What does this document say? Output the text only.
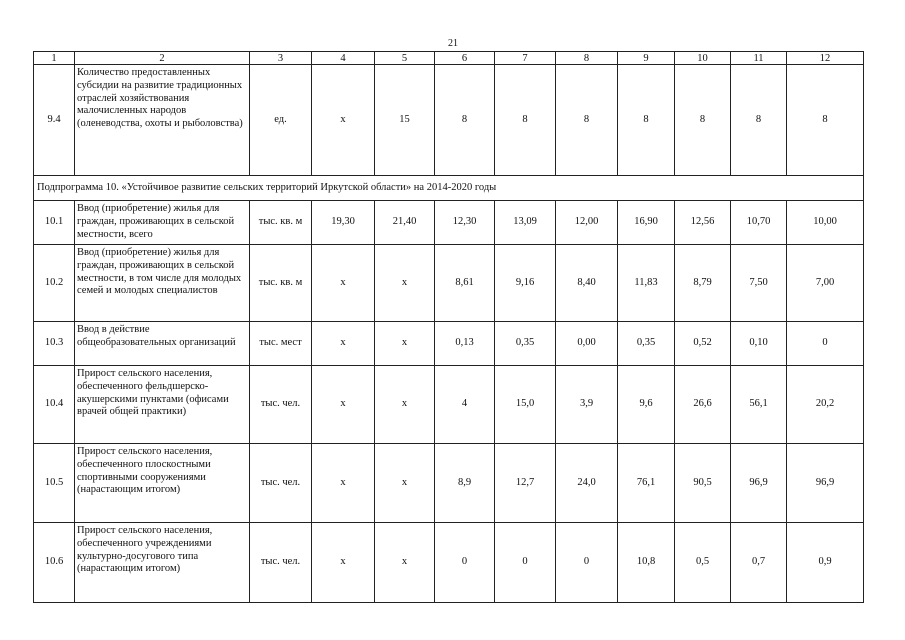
21
1	2	3	4	5	6	7	8	9	10	11	12
9.4	Количество предоставленных субсидии на развитие традиционных отраслей хозяйствования малочисленных народов (оленеводства, охоты и рыболовства)	ед.	х	15	8	8	8	8	8	8	8
Подпрограмма 10. «Устойчивое развитие сельских территорий Иркутской области» на 2014-2020 годы											
10.1	Ввод (приобретение) жилья для граждан, проживающих в сельской местности, всего	тыс. кв. м	19,30	21,40	12,30	13,09	12,00	16,90	12,56	10,70	10,00
10.2	Ввод (приобретение) жилья для граждан, проживающих в сельской местности, в том числе для молодых семей и молодых специалистов	тыс. кв. м	х	х	8,61	9,16	8,40	11,83	8,79	7,50	7,00
10.3	Ввод в действие общеобразовательных организаций	тыс. мест	х	х	0,13	0,35	0,00	0,35	0,52	0,10	0
10.4	Прирост сельского населения, обеспеченного фельдшерско-акушерскими пунктами (офисами врачей общей практики)	тыс. чел.	х	х	4	15,0	3,9	9,6	26,6	56,1	20,2
10.5	Прирост сельского населения, обеспеченного плоскостными спортивными сооружениями (нарастающим итогом)	тыс. чел.	х	х	8,9	12,7	24,0	76,1	90,5	96,9	96,9
10.6	Прирост сельского населения, обеспеченного учреждениями культурно-досугового типа (нарастающим итогом)	тыс. чел.	х	х	0	0	0	10,8	0,5	0,7	0,9
